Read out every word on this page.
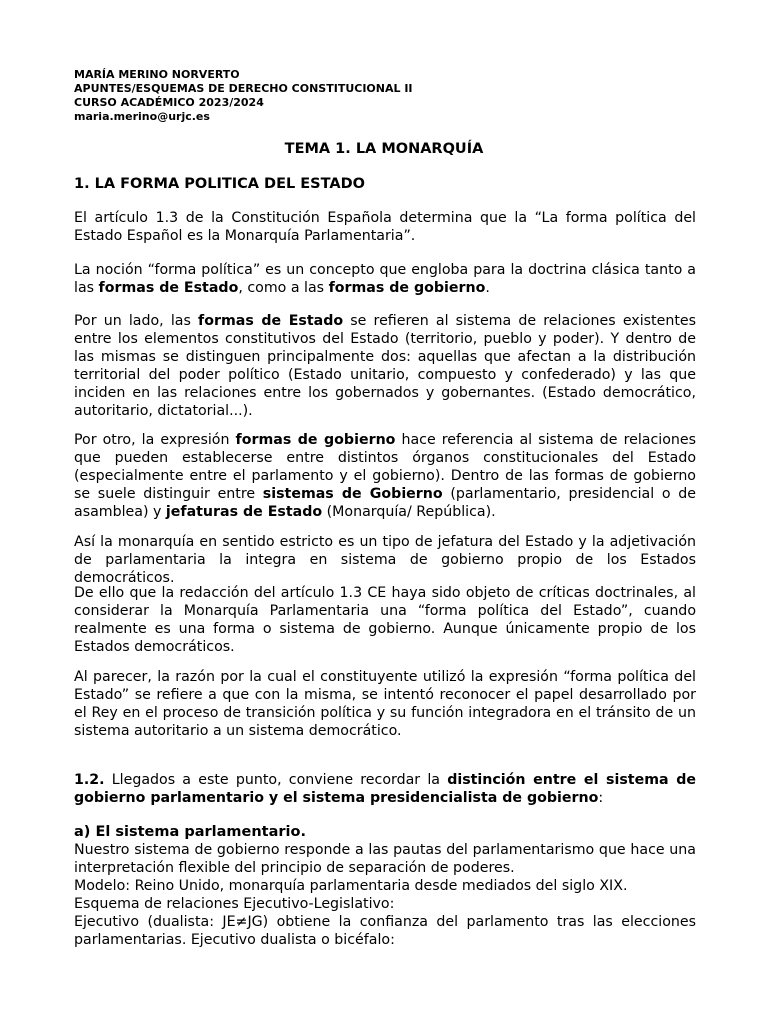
MARÍA MERINO NORVERTO
APUNTES/ESQUEMAS DE DERECHO CONSTITUCIONAL II
CURSO ACADÉMICO 2023/2024
maria.merino@urjc.es
TEMA 1. LA MONARQUÍA
1. LA FORMA POLITICA DEL ESTADO

El artículo 1.3 de la Constitución Española determina que la “La forma política del Estado Español es la Monarquía Parlamentaria”.

La noción “forma política” es un concepto que engloba para la doctrina clásica tanto a las formas de Estado, como a las formas de gobierno.

Por un lado, las formas de Estado se refieren al sistema de relaciones existentes entre los elementos constitutivos del Estado (territorio, pueblo y poder). Y dentro de las mismas se distinguen principalmente dos: aquellas que afectan a la distribución territorial del poder político (Estado unitario, compuesto y confederado) y las que inciden en las relaciones entre los gobernados y gobernantes. (Estado democrático, autoritario, dictatorial...).

Por otro, la expresión formas de gobierno hace referencia al sistema de relaciones que pueden establecerse entre distintos órganos constitucionales del Estado (especialmente entre el parlamento y el gobierno). Dentro de las formas de gobierno se suele distinguir entre sistemas de Gobierno (parlamentario, presidencial o de asamblea) y jefaturas de Estado (Monarquía/ República).

Así la monarquía en sentido estricto es un tipo de jefatura del Estado y la adjetivación de parlamentaria la integra en sistema de gobierno propio de los Estados democráticos.

De ello que la redacción del artículo 1.3 CE haya sido objeto de críticas doctrinales, al considerar la Monarquía Parlamentaria una “forma política del Estado”, cuando realmente es una forma o sistema de gobierno. Aunque únicamente propio de los Estados democráticos.

Al parecer, la razón por la cual el constituyente utilizó la expresión “forma política del Estado” se refiere a que con la misma, se intentó reconocer el papel desarrollado por el Rey en el proceso de transición política y su función integradora en el tránsito de un sistema autoritario a un sistema democrático.

1.2. Llegados a este punto, conviene recordar la distinción entre el sistema de gobierno parlamentario y el sistema presidencialista de gobierno:

a) El sistema parlamentario.

Nuestro sistema de gobierno responde a las pautas del parlamentarismo que hace una interpretación flexible del principio de separación de poderes.

Modelo: Reino Unido, monarquía parlamentaria desde mediados del siglo XIX.

Esquema de relaciones Ejecutivo-Legislativo:

Ejecutivo (dualista: JE≠JG) obtiene la confianza del parlamento tras las elecciones parlamentarias. Ejecutivo dualista o bicéfalo:
